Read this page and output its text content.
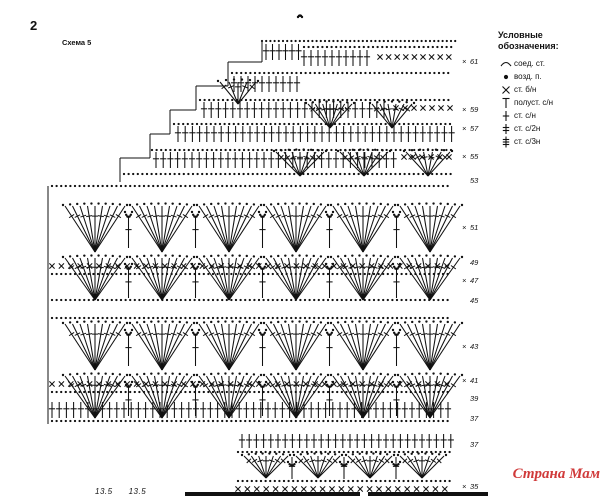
2
Схема 5
× 61
× 59
× 57
× 55
53
× 51
49
× 47
45
× 43
× 41
39
37
37
× 35
Условные
обозначения:
соед. ст.
возд. п.
ст. б/н
полуст. с/н
ст. с/н
ст. с/2н
ст. с/3н
13.5 13.5
Страна Мам
